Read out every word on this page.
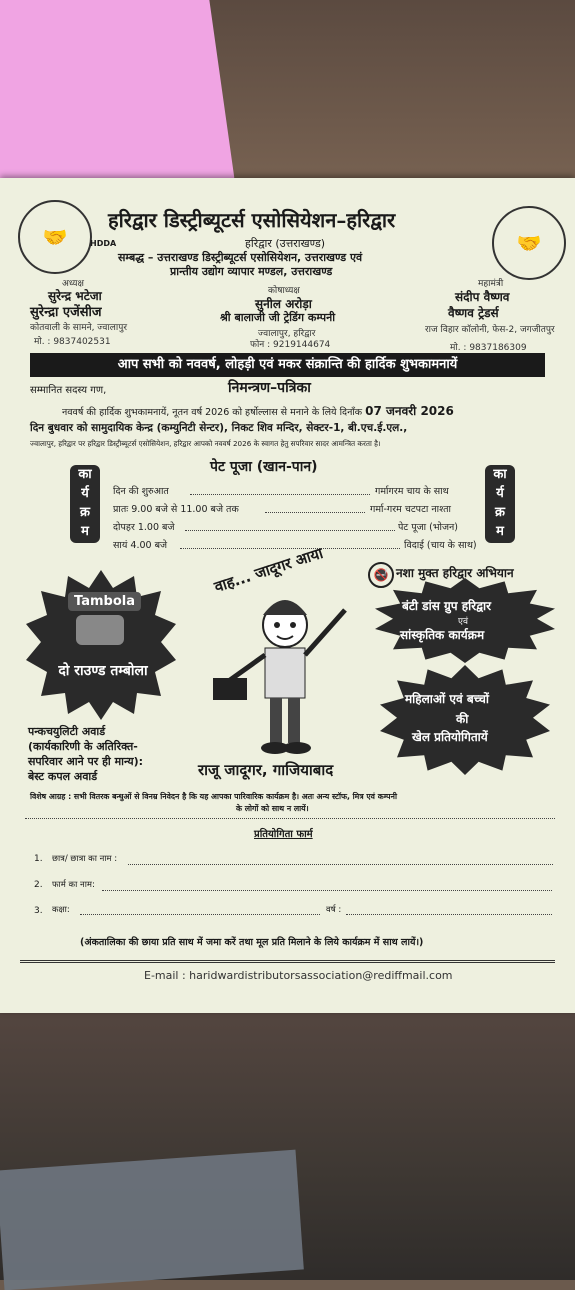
🤝	🤝
हरिद्वार डिस्ट्रीब्यूटर्स एसोसियेशन–हरिद्वार
हरिद्वार (उत्तराखण्ड)
HDDA
सम्बद्ध – उत्तराखण्ड डिस्ट्रीब्यूटर्स एसोसियेशन, उत्तराखण्ड एवं
प्रान्तीय उद्योग व्यापार मण्डल, उत्तराखण्ड
अध्यक्ष
सुरेन्द्र भटेजा
सुरेन्द्रा एजेंसीज
कोतवाली के सामने, ज्वालापुर
मो. : 9837402531
कोषाध्यक्ष
सुनील अरोड़ा
श्री बालाजी जी ट्रेडिंग कम्पनी
ज्वालापुर, हरिद्वार
फोन : 9219144674
महामंत्री
संदीप वैष्णव
वैष्णव ट्रेडर्स
राज विहार कॉलोनी, फेस-2, जगजीतपुर
मो. : 9837186309
आप सभी को नववर्ष, लोहड़ी एवं मकर संक्रान्ति की हार्दिक शुभकामनायें
सम्मानित सदस्य गण,	निमन्त्रण–पत्रिका
नववर्ष की हार्दिक शुभकामनायें, नूतन वर्ष 2026 को हर्षोल्लास से मनाने के लिये दिनाँक 07 जनवरी 2026
दिन बुधवार को सामुदायिक केन्द्र (कम्युनिटी सेन्टर), निकट शिव मन्दिर, सेक्टर-1, बी.एच.ई.एल.,
ज्वालापुर, हरिद्वार पर हरिद्वार डिस्ट्रीब्यूटर्स एसोसियेशन, हरिद्वार आपको नववर्ष 2026 के स्वागत हेतु सपरिवार सादर आमन्त्रित करता है।
पेट पूजा (खान-पान)
का
र्य
क्र
म
का
र्य
क्र
म
दिन की शुरुआत	गर्मागरम चाय के साथ
प्रातः 9.00 बजे से 11.00 बजे तक	गर्मा-गरम चटपटा नाश्ता
दोपहर 1.00 बजे	पेट पूजा (भोजन)
सायं 4.00 बजे	विदाई (चाय के साथ)
Tambola
दो राउण्ड तम्बोला
वाह... जादूगर आया
राजू जादूगर, गाजियाबाद
🚭 नशा मुक्त हरिद्वार अभियान
बंटी डांस ग्रुप हरिद्वार
एवं
सांस्कृतिक कार्यक्रम
महिलाओं एवं बच्चों
की
खेल प्रतियोगितायें
पन्कचयुलिटी अवार्ड
(कार्यकारिणी के अतिरिक्त-
सपरिवार आने पर ही मान्य):
बेस्ट कपल अवार्ड
विशेष आग्रह : सभी वितरक बन्धुओं से विनम्र निवेदन है कि यह आपका पारिवारिक कार्यक्रम है। अतः अन्य स्टॉफ, मित्र एवं कम्पनी
के लोगों को साथ न लायें।
प्रतियोगिता फार्म
1. छात्र/ छात्रा का नाम :
2. फार्म का नाम:
3. कक्षा:	वर्ष :
(अंकतालिका की छाया प्रति साथ में जमा करें तथा मूल प्रति मिलाने के लिये कार्यक्रम में साथ लायें।)
E-mail : haridwardistributorsassociation@rediffmail.com
